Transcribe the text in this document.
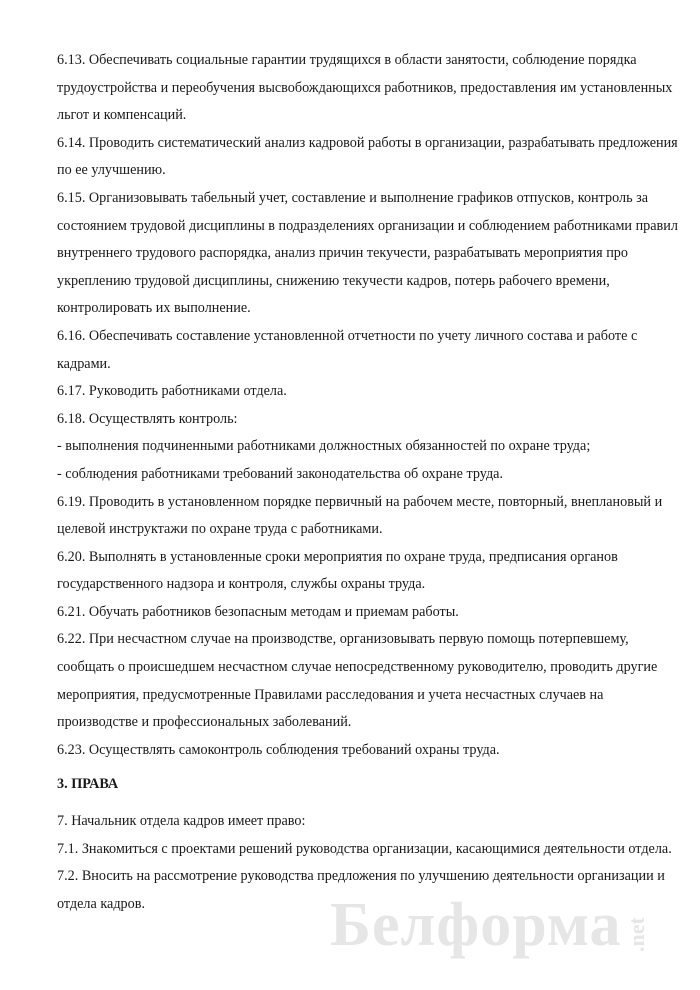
6.13. Обеспечивать социальные гарантии трудящихся в области занятости, соблюдение порядка трудоустройства и переобучения высвобождающихся работников, предоставления им установленных льгот и компенсаций.

6.14. Проводить систематический анализ кадровой работы в организации, разрабатывать предложения по ее улучшению.

6.15. Организовывать табельный учет, составление и выполнение графиков отпусков, контроль за состоянием трудовой дисциплины в подразделениях организации и соблюдением работниками правил внутреннего трудового распорядка, анализ причин текучести, разрабатывать мероприятия про укреплению трудовой дисциплины, снижению текучести кадров, потерь рабочего времени, контролировать их выполнение.

6.16. Обеспечивать составление установленной отчетности по учету личного состава и работе с кадрами.

6.17. Руководить работниками отдела.

6.18. Осуществлять контроль:

- выполнения подчиненными работниками должностных обязанностей по охране труда;

- соблюдения работниками требований законодательства об охране труда.

6.19. Проводить в установленном порядке первичный на рабочем месте, повторный, внеплановый и целевой инструктажи по охране труда с работниками.

6.20. Выполнять в установленные сроки мероприятия по охране труда, предписания органов государственного надзора и контроля, службы охраны труда.

6.21. Обучать работников безопасным методам и приемам работы.

6.22. При несчастном случае на производстве, организовывать первую помощь потерпевшему, сообщать о происшедшем несчастном случае непосредственному руководителю, проводить другие мероприятия, предусмотренные Правилами расследования и учета несчастных случаев на производстве и профессиональных заболеваний.

6.23. Осуществлять самоконтроль соблюдения требований охраны труда.

3. ПРАВА

7. Начальник отдела кадров имеет право:

7.1. Знакомиться с проектами решений руководства организации, касающимися деятельности отдела.

7.2. Вносить на рассмотрение руководства предложения по улучшению деятельности организации и отдела кадров.	Белформа .net
